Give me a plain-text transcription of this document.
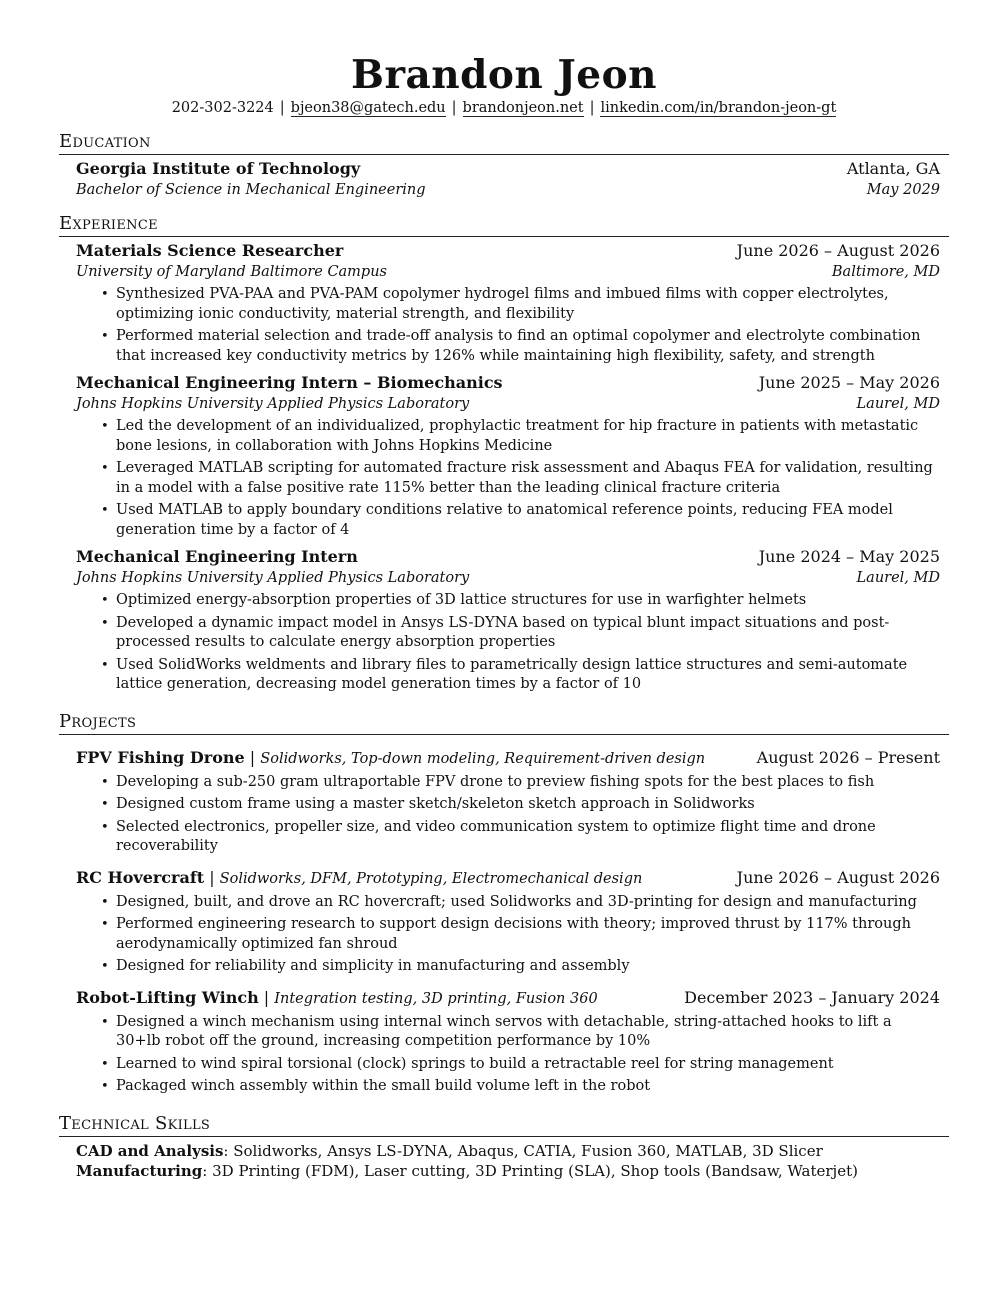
Brandon Jeon
202-302-3224 | bjeon38@gatech.edu | brandonjeon.net | linkedin.com/in/brandon-jeon-gt
Education
Georgia Institute of Technology	Atlanta, GA
Bachelor of Science in Mechanical Engineering	May 2029
Experience
Materials Science Researcher	June 2026 – August 2026
University of Maryland Baltimore Campus	Baltimore, MD
• Synthesized PVA-PAA and PVA-PAM copolymer hydrogel films and imbued films with copper electrolytes, optimizing ionic conductivity, material strength, and flexibility
• Performed material selection and trade-off analysis to find an optimal copolymer and electrolyte combination that increased key conductivity metrics by 126% while maintaining high flexibility, safety, and strength
Mechanical Engineering Intern – Biomechanics	June 2025 – May 2026
Johns Hopkins University Applied Physics Laboratory	Laurel, MD
• Led the development of an individualized, prophylactic treatment for hip fracture in patients with metastatic bone lesions, in collaboration with Johns Hopkins Medicine
• Leveraged MATLAB scripting for automated fracture risk assessment and Abaqus FEA for validation, resulting in a model with a false positive rate 115% better than the leading clinical fracture criteria
• Used MATLAB to apply boundary conditions relative to anatomical reference points, reducing FEA model generation time by a factor of 4
Mechanical Engineering Intern	June 2024 – May 2025
Johns Hopkins University Applied Physics Laboratory	Laurel, MD
• Optimized energy-absorption properties of 3D lattice structures for use in warfighter helmets
• Developed a dynamic impact model in Ansys LS-DYNA based on typical blunt impact situations and post-processed results to calculate energy absorption properties
• Used SolidWorks weldments and library files to parametrically design lattice structures and semi-automate lattice generation, decreasing model generation times by a factor of 10
Projects
FPV Fishing Drone | Solidworks, Top-down modeling, Requirement-driven design	August 2026 – Present
• Developing a sub-250 gram ultraportable FPV drone to preview fishing spots for the best places to fish
• Designed custom frame using a master sketch/skeleton sketch approach in Solidworks
• Selected electronics, propeller size, and video communication system to optimize flight time and drone recoverability
RC Hovercraft | Solidworks, DFM, Prototyping, Electromechanical design	June 2026 – August 2026
• Designed, built, and drove an RC hovercraft; used Solidworks and 3D-printing for design and manufacturing
• Performed engineering research to support design decisions with theory; improved thrust by 117% through aerodynamically optimized fan shroud
• Designed for reliability and simplicity in manufacturing and assembly
Robot-Lifting Winch | Integration testing, 3D printing, Fusion 360	December 2023 – January 2024
• Designed a winch mechanism using internal winch servos with detachable, string-attached hooks to lift a 30+lb robot off the ground, increasing competition performance by 10%
• Learned to wind spiral torsional (clock) springs to build a retractable reel for string management
• Packaged winch assembly within the small build volume left in the robot
Technical Skills
CAD and Analysis: Solidworks, Ansys LS-DYNA, Abaqus, CATIA, Fusion 360, MATLAB, 3D Slicer
Manufacturing: 3D Printing (FDM), Laser cutting, 3D Printing (SLA), Shop tools (Bandsaw, Waterjet)
